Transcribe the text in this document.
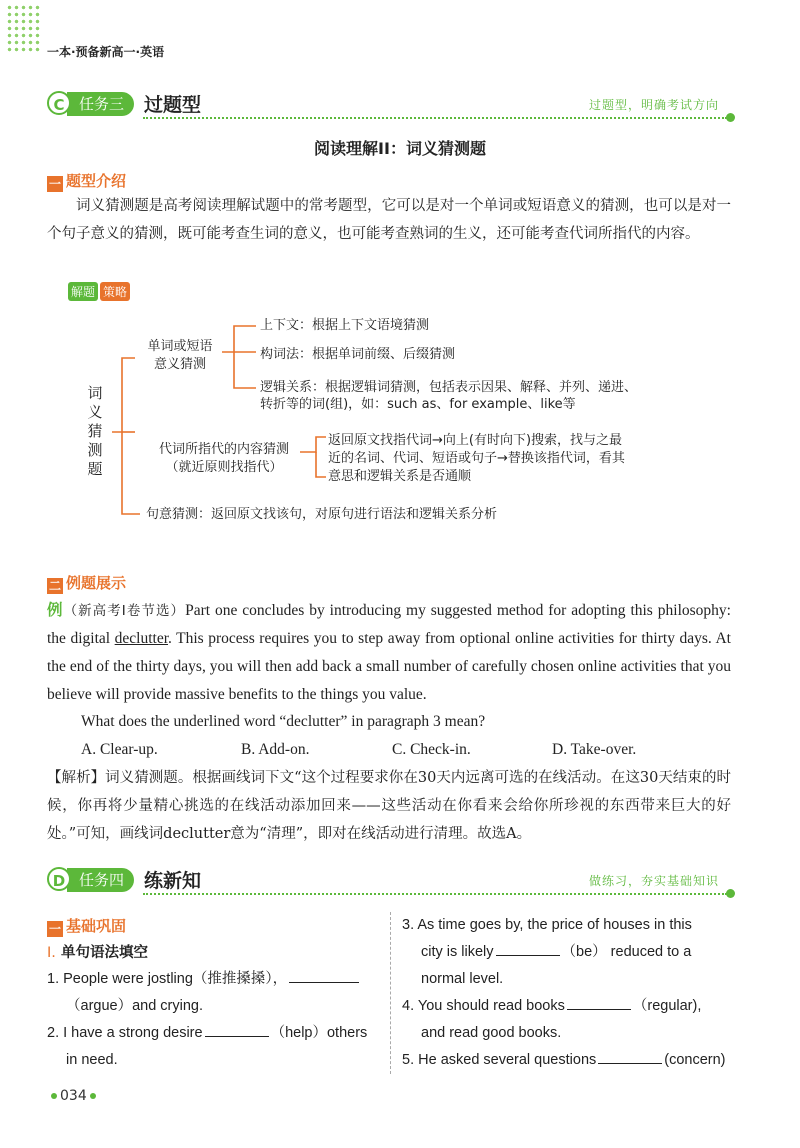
一本·预备新高一·英语
任务三
C	过题型	过题型，明确考试方向
阅读理解II：词义猜测题
一 题型介绍
词义猜测题是高考阅读理解试题中的常考题型，它可以是对一个单词或短语意义的猜测，也可以是对一个句子意义的猜测，既可能考查生词的意义，也可能考查熟词的生义，还可能考查代词所指代的内容。
解题 策略
词
义
猜
测
题
单词或短语
意义猜测
上下文：根据上下文语境猜测
构词法：根据单词前缀、后缀猜测
逻辑关系：根据逻辑词猜测，包括表示因果、解释、并列、递进、
转折等的词(组)，如：such as、for example、like等
代词所指代的内容猜测
（就近原则找指代）
返回原文找指代词→向上(有时向下)搜索，找与之最
近的名词、代词、短语或句子→替换该指代词，看其
意思和逻辑关系是否通顺
句意猜测：返回原文找该句，对原句进行语法和逻辑关系分析
二 例题展示
例（新高考Ⅰ卷节选）Part one concludes by introducing my suggested method for adopting this philosophy: the digital declutter. This process requires you to step away from optional online activities for thirty days. At the end of the thirty days, you will then add back a small number of carefully chosen online activities that you believe will provide massive benefits to the things you value.
What does the underlined word “declutter” in paragraph 3 mean?
A. Clear-up.	B. Add-on.	C. Check-in.	D. Take-over.
【解析】词义猜测题。根据画线词下文“这个过程要求你在30天内远离可选的在线活动。在这30天结束的时候，你再将少量精心挑选的在线活动添加回来——这些活动在你看来会给你所珍视的东西带来巨大的好处。”可知，画线词declutter意为“清理”，即对在线活动进行清理。故选A。
任务四
D	练新知	做练习，夯实基础知识
一 基础巩固
I. 单句语法填空
1. People were jostling（推推搡搡），
（argue）and crying.
2. I have a strong desire	（help）others
in need.
3. As time goes by, the price of houses in this
city is likely	（be） reduced to a
normal level.
4. You should read books	（regular),
and read good books.
5. He asked several questions	(concern)
034
